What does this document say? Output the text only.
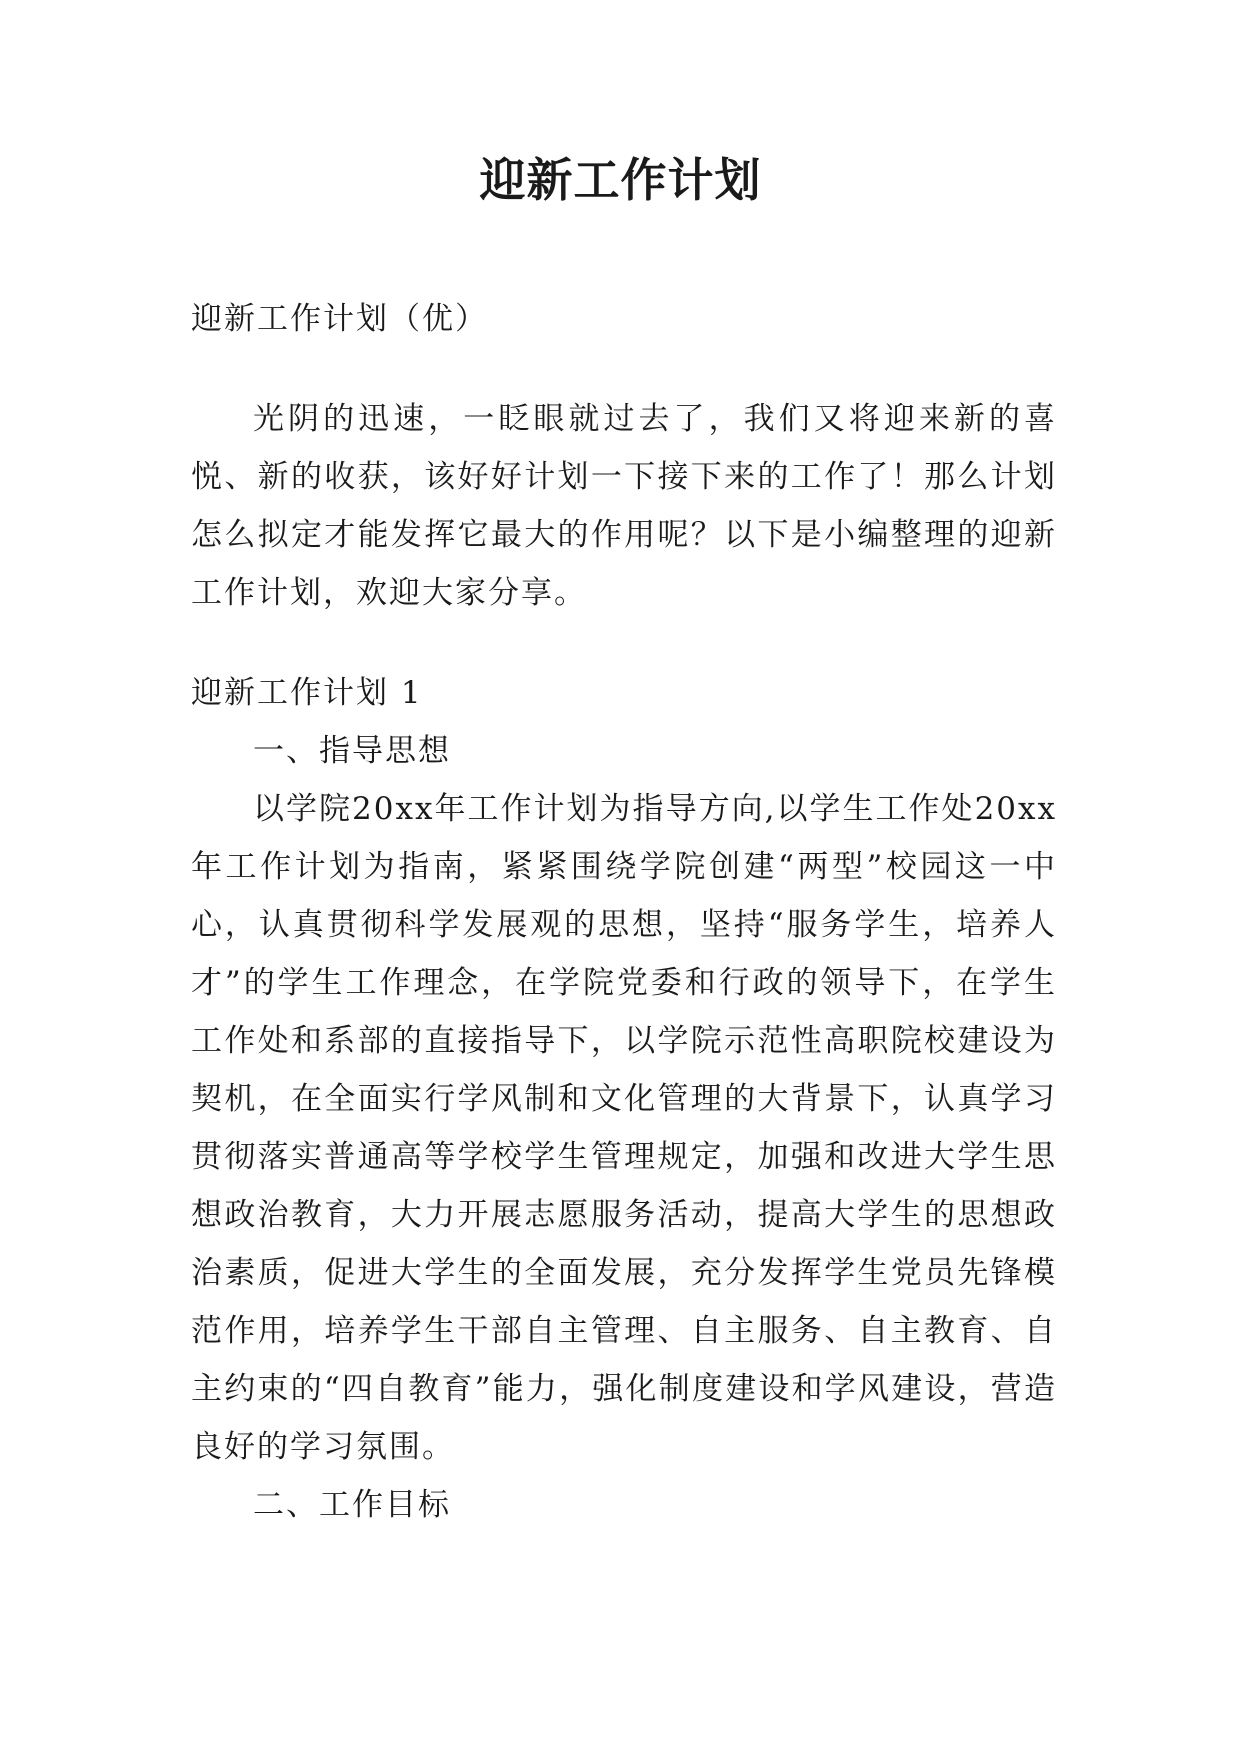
迎新工作计划

迎新工作计划（优）

光阴的迅速，一眨眼就过去了，我们又将迎来新的喜悦、新的收获，该好好计划一下接下来的工作了！那么计划怎么拟定才能发挥它最大的作用呢？以下是小编整理的迎新工作计划，欢迎大家分享。

迎新工作计划 1

一、指导思想

以学院20xx年工作计划为指导方向,以学生工作处20xx年工作计划为指南，紧紧围绕学院创建“两型”校园这一中心，认真贯彻科学发展观的思想，坚持“服务学生，培养人才”的学生工作理念，在学院党委和行政的领导下，在学生工作处和系部的直接指导下，以学院示范性高职院校建设为契机，在全面实行学风制和文化管理的大背景下，认真学习贯彻落实普通高等学校学生管理规定，加强和改进大学生思想政治教育，大力开展志愿服务活动，提高大学生的思想政治素质，促进大学生的全面发展，充分发挥学生党员先锋模范作用，培养学生干部自主管理、自主服务、自主教育、自主约束的“四自教育”能力，强化制度建设和学风建设，营造良好的学习氛围。

二、工作目标
